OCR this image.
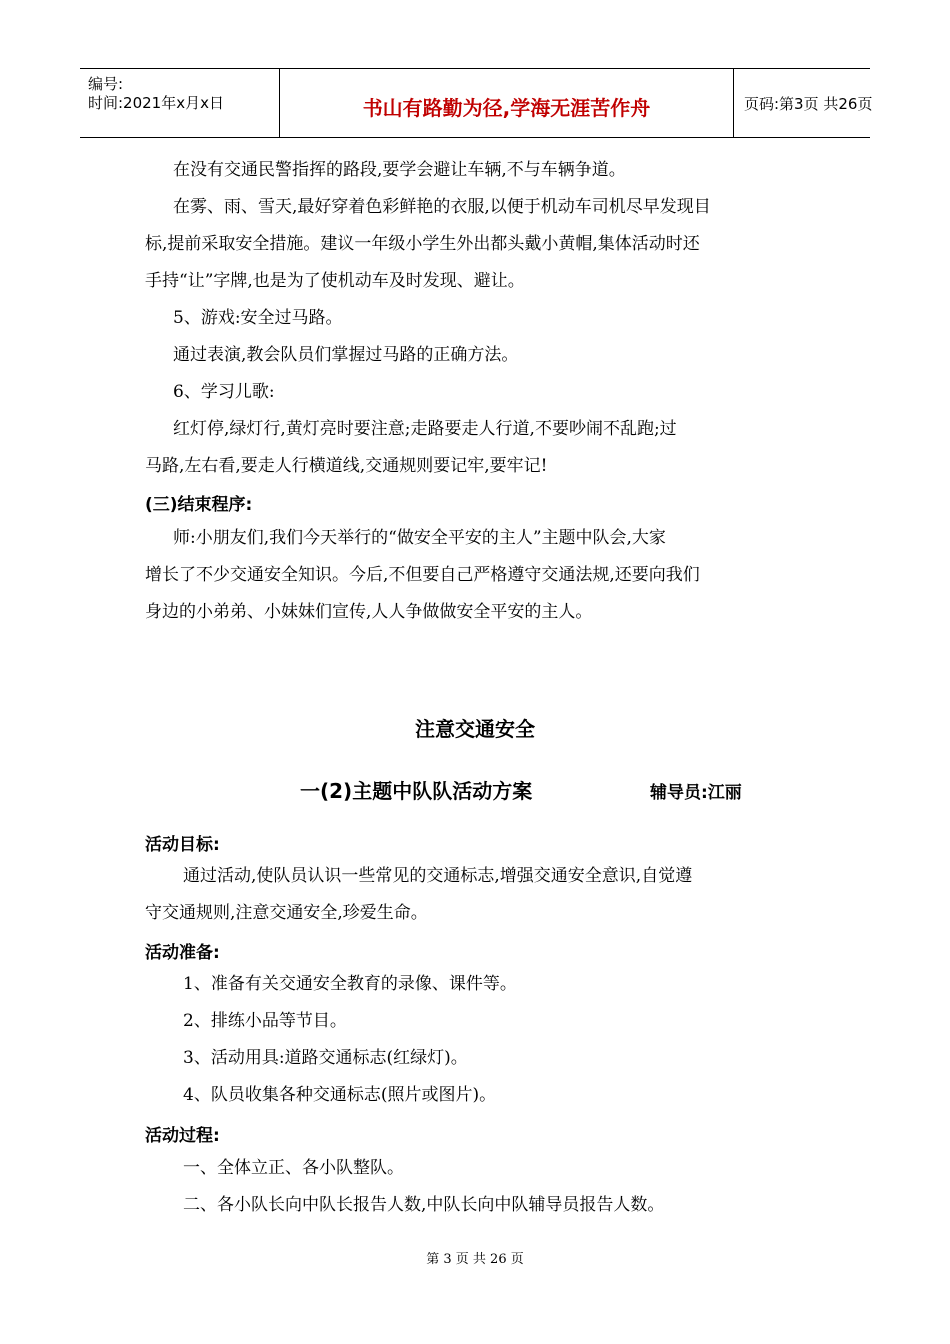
编号:
时间:2021年x月x日	书山有路勤为径,学海无涯苦作舟	页码:第3页 共26页
在没有交通民警指挥的路段,要学会避让车辆,不与车辆争道。
在雾、雨、雪天,最好穿着色彩鲜艳的衣服,以便于机动车司机尽早发现目
标,提前采取安全措施。建议一年级小学生外出都头戴小黄帽,集体活动时还
手持“让”字牌,也是为了使机动车及时发现、避让。
5、游戏:安全过马路。
通过表演,教会队员们掌握过马路的正确方法。
6、学习儿歌:
红灯停,绿灯行,黄灯亮时要注意;走路要走人行道,不要吵闹不乱跑;过
马路,左右看,要走人行横道线,交通规则要记牢,要牢记!
(三)结束程序:
师:小朋友们,我们今天举行的“做安全平安的主人”主题中队会,大家
增长了不少交通安全知识。今后,不但要自己严格遵守交通法规,还要向我们
身边的小弟弟、小妹妹们宣传,人人争做做安全平安的主人。
注意交通安全
一(2)主题中队队活动方案	辅导员:江丽
活动目标:
通过活动,使队员认识一些常见的交通标志,增强交通安全意识,自觉遵
守交通规则,注意交通安全,珍爱生命。
活动准备:
1、准备有关交通安全教育的录像、课件等。
2、排练小品等节目。
3、活动用具:道路交通标志(红绿灯)。
4、队员收集各种交通标志(照片或图片)。
活动过程:
一、全体立正、各小队整队。
二、各小队长向中队长报告人数,中队长向中队辅导员报告人数。
第 3 页 共 26 页
